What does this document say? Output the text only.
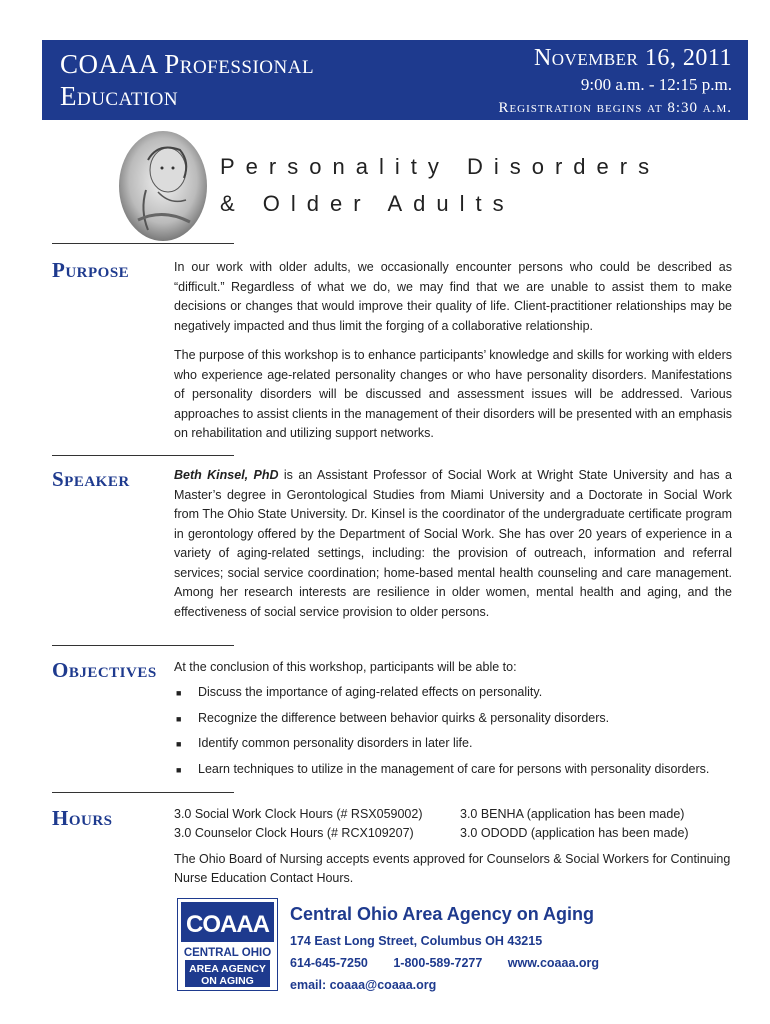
COAAA Professional
Education
November 16, 2011
9:00 a.m. - 12:15 p.m.
Registration begins at 8:30 a.m.
Personality Disorders
& Older Adults
Purpose	In our work with older adults, we occasionally encounter persons who could be described as “difficult.” Regardless of what we do, we may find that we are unable to assist them to make decisions or changes that would improve their quality of life. Client-practitioner relationships may be negatively impacted and thus limit the forging of a collaborative relationship.

The purpose of this workshop is to enhance participants’ knowledge and skills for working with elders who experience age-related personality changes or who have personality disorders. Manifestations of personality disorders will be discussed and assessment issues will be addressed. Various approaches to assist clients in the management of their disorders will be presented with an emphasis on rehabilitation and utilizing support networks.

Speaker	Beth Kinsel, PhD is an Assistant Professor of Social Work at Wright State University and has a Master’s degree in Gerontological Studies from Miami University and a Doctorate in Social Work from The Ohio State University. Dr. Kinsel is the coordinator of the undergraduate certificate program in gerontology offered by the Department of Social Work. She has over 20 years of experience in a variety of aging-related settings, including: the provision of outreach, information and referral services; social service coordination; home-based mental health counseling and care management. Among her research interests are resilience in older women, mental health and aging, and the effectiveness of social service provision to older persons.

Objectives At the conclusion of this workshop, participants will be able to:
■ Discuss the importance of aging-related effects on personality.
■ Recognize the difference between behavior quirks & personality disorders.
■ Identify common personality disorders in later life.
■ Learn techniques to utilize in the management of care for persons with personality disorders.
Hours	3.0 Social Work Clock Hours (# RSX059002)	3.0 BENHA (application has been made)
3.0 Counselor Clock Hours (# RCX109207)	3.0 ODODD (application has been made)
The Ohio Board of Nursing accepts events approved for Counselors & Social Workers for Continuing Nurse Education Contact Hours.
COAAA
CENTRAL OHIO
AREA AGENCY
ON AGING
Central Ohio Area Agency on Aging
174 East Long Street, Columbus OH 43215
614-645-7250 1-800-589-7277 www.coaaa.org
email: coaaa@coaaa.org
